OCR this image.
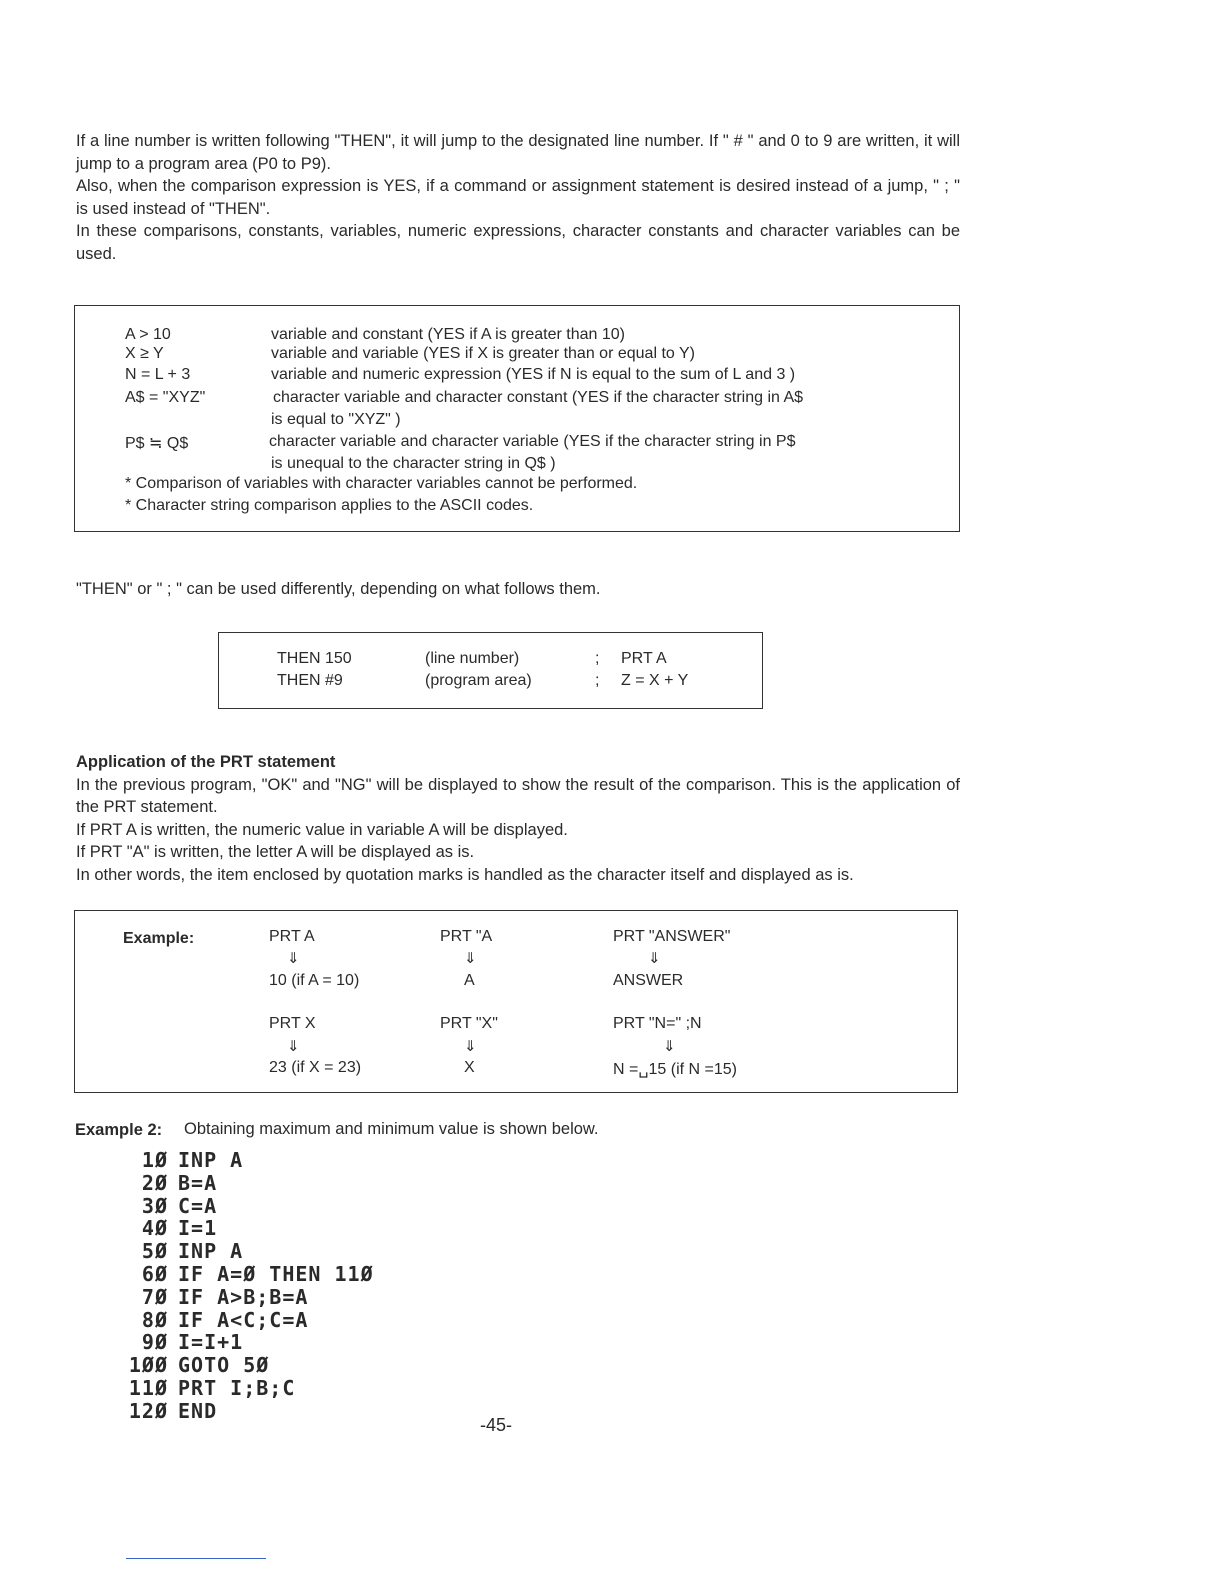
If a line number is written following "THEN", it will jump to the designated line number. If " # " and 0 to 9 are written, it will jump to a program area (P0 to P9).

Also, when the comparison expression is YES, if a command or assignment statement is desired instead of a jump, " ; " is used instead of "THEN".

In these comparisons, constants, variables, numeric expressions, character constants and character variables can be used.

A > 10	variable and constant (YES if A is greater than 10)
X ≥ Y	variable and variable (YES if X is greater than or equal to Y)
N = L + 3	variable and numeric expression (YES if N is equal to the sum of L and 3 )
A$ = "XYZ"	character variable and character constant (YES if the character string in A$
is equal to "XYZ" )
P$ ≒ Q$	character variable and character variable (YES if the character string in P$
is unequal to the character string in Q$ )
* Comparison of variables with character variables cannot be performed.
* Character string comparison applies to the ASCII codes.

"THEN" or " ; " can be used differently, depending on what follows them.

THEN 150	(line number)	; PRT A
THEN #9	(program area)	; Z = X + Y

Application of the PRT statement

In the previous program, "OK" and "NG" will be displayed to show the result of the comparison. This is the application of the PRT statement.

If PRT A is written, the numeric value in variable A will be displayed.

If PRT "A" is written, the letter A will be displayed as is.

In other words, the item enclosed by quotation marks is handled as the character itself and displayed as is.

Example:	PRT A
⇓
10 (if A = 10)
PRT "A
⇓
A
PRT "ANSWER"
⇓
ANSWER
PRT X
⇓
23 (if X = 23)
PRT "X"
⇓
X
PRT "N=" ;N
⇓
N =␣15 (if N =15)
Example 2: Obtaining maximum and minimum value is shown below.
1Ø INP A
2Ø B=A
3Ø C=A
4Ø I=1
5Ø INP A
6Ø IF A=Ø THEN 11Ø
7Ø IF A>B;B=A
8Ø IF A<C;C=A
9Ø I=I+1
1ØØ GOTO 5Ø
11Ø PRT I;B;C
12Ø END
-45-
